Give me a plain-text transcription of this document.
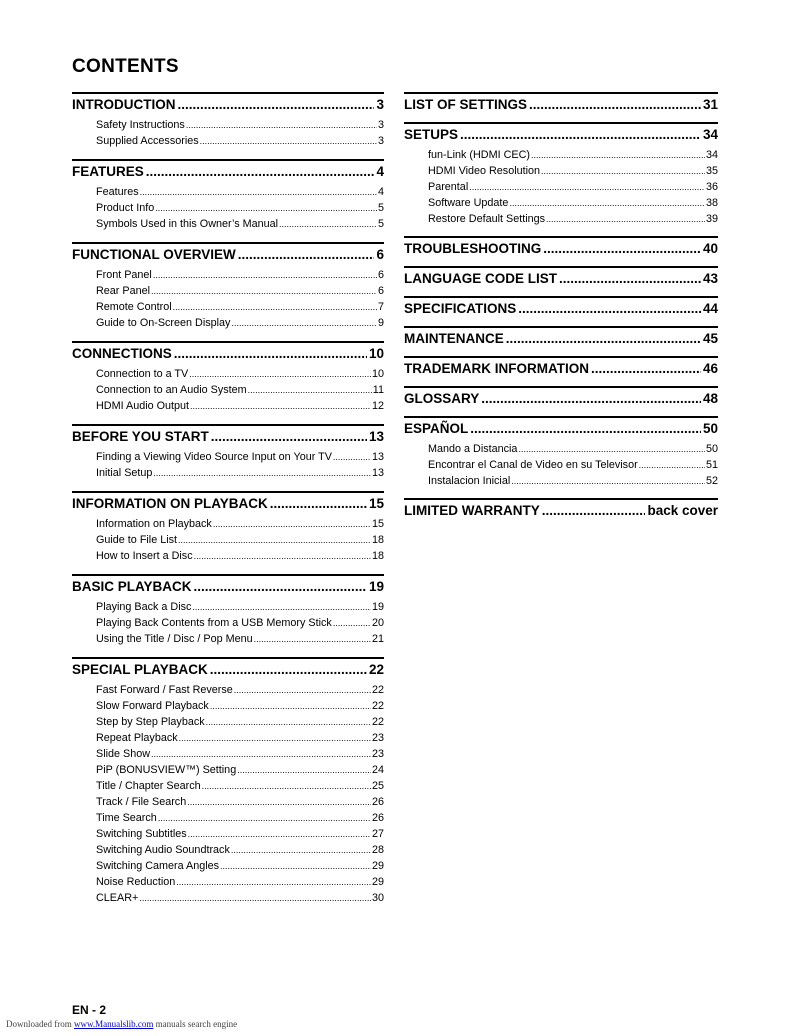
CONTENTS
INTRODUCTION .....	3
Safety Instructions .....	3
Supplied Accessories .....	3
FEATURES .....	4
Features .....	4
Product Info .....	5
Symbols Used in this Owner’s Manual .....	5
FUNCTIONAL OVERVIEW .....	6
Front Panel .....	6
Rear Panel .....	6
Remote Control .....	7
Guide to On-Screen Display .....	9
CONNECTIONS .....	10
Connection to a TV .....	10
Connection to an Audio System .....	11
HDMI Audio Output .....	12
BEFORE YOU START .....	13
Finding a Viewing Video Source Input on Your TV .....	13
Initial Setup .....	13
INFORMATION ON PLAYBACK .....	15
Information on Playback .....	15
Guide to File List .....	18
How to Insert a Disc .....	18
BASIC PLAYBACK .....	19
Playing Back a Disc .....	19
Playing Back Contents from a USB Memory Stick .....	20
Using the Title / Disc / Pop Menu .....	21
SPECIAL PLAYBACK .....	22
Fast Forward / Fast Reverse .....	22
Slow Forward Playback .....	22
Step by Step Playback .....	22
Repeat Playback .....	23
Slide Show .....	23
PiP (BONUSVIEW™) Setting .....	24
Title / Chapter Search .....	25
Track / File Search .....	26
Time Search .....	26
Switching Subtitles .....	27
Switching Audio Soundtrack .....	28
Switching Camera Angles .....	29
Noise Reduction .....	29
CLEAR+ .....	30
LIST OF SETTINGS .....	31
SETUPS .....	34
fun-Link (HDMI CEC) .....	34
HDMI Video Resolution .....	35
Parental .....	36
Software Update .....	38
Restore Default Settings .....	39
TROUBLESHOOTING .....	40
LANGUAGE CODE LIST .....	43
SPECIFICATIONS .....	44
MAINTENANCE .....	45
TRADEMARK INFORMATION .....	46
GLOSSARY .....	48
ESPAÑOL .....	50
Mando a Distancia .....	50
Encontrar el Canal de Video en su Televisor .....	51
Instalacion Inicial .....	52
LIMITED WARRANTY .....	back cover
EN - 2
Downloaded from www.Manualslib.com manuals search engine
